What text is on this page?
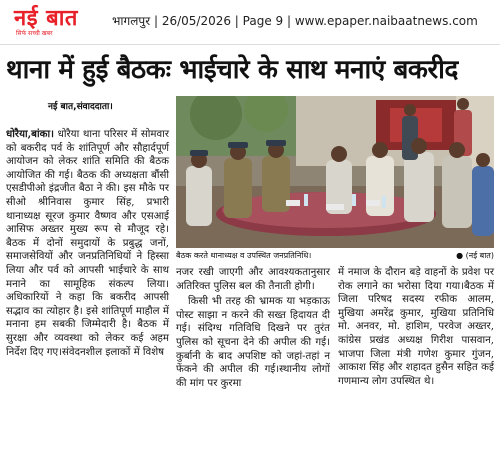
नई बात
सिर्फ सच्ची खबर
भागलपुर | 26/05/2026 | Page 9 | www.epaper.naibaatnews.com
थाना में हुई बैठकः भाईचारे के साथ मनाएं बकरीद
नई बात,संवाददाता।
बैठक करते थानाध्यक्ष व उपस्थित जनप्रतिनिधि।	● (नई बात)
धोरैया,बांका। धोरैया थाना परिसर में सोमवार को बकरीद पर्व के शांतिपूर्ण और सौहार्दपूर्ण आयोजन को लेकर शांति समिति की बैठक आयोजित की गई। बैठक की अध्यक्षता बौंसी एसडीपीओ इंद्रजीत बैठा ने की। इस मौके पर सीओ श्रीनिवास कुमार सिंह, प्रभारी थानाध्यक्ष सूरज कुमार वैष्णव और एसआई आसिफ अख्तर मुख्य रूप से मौजूद रहे।बैठक में दोनों समुदायों के प्रबुद्ध जनों, समाजसेवियों और जनप्रतिनिधियों ने हिस्सा लिया और पर्व को आपसी भाईचारे के साथ मनाने का सामूहिक संकल्प लिया। अधिकारियों ने कहा कि बकरीद आपसी सद्भाव का त्योहार है। इसे शांतिपूर्ण माहौल में मनाना हम सबकी जिम्मेदारी है। बैठक में सुरक्षा और व्यवस्था को लेकर कई अहम निर्देश दिए गए।संवेदनशील इलाकों में विशेष

नजर रखी जाएगी और आवश्यकतानुसार अतिरिक्त पुलिस बल की तैनाती होगी।

किसी भी तरह की भ्रामक या भड़काऊ पोस्ट साझा न करने की सख्त हिदायत दी गई। संदिग्ध गतिविधि दिखने पर तुरंत पुलिस को सूचना देने की अपील की गई।कुर्बानी के बाद अपशिष्ट को जहां-तहां न फेंकने की अपील की गई।स्थानीय लोगों की मांग पर कुरमा

में नमाज के दौरान बड़े वाहनों के प्रवेश पर रोक लगाने का भरोसा दिया गया।बैठक में जिला परिषद सदस्य रफीक आलम, मुखिया अमरेंद्र कुमार, मुखिया प्रतिनिधि मो. अनवर, मो. हाशिम, परवेज अख्तर, कांग्रेस प्रखंड अध्यक्ष गिरीश पासवान, भाजपा जिला मंत्री गणेश कुमार गुंजन, आकाश सिंह और शहादत हुसैन सहित कई गणमान्य लोग उपस्थित थे।
